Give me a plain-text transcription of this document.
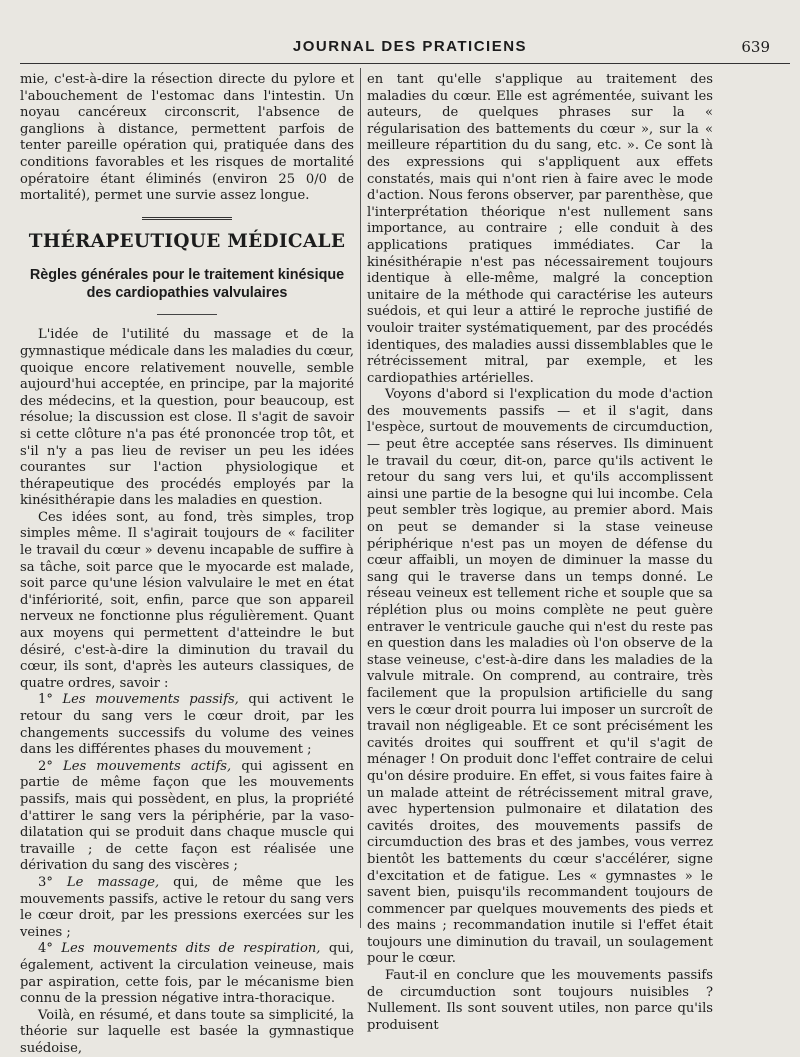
JOURNAL DES PRATICIENS	639

mie, c'est-à-dire la résection directe du pylore et l'abouchement de l'estomac dans l'intestin. Un noyau cancéreux circonscrit, l'absence de ganglions à distance, permettent parfois de tenter pareille opération qui, pratiquée dans des conditions favorables et les risques de mortalité opératoire étant éliminés (environ 25 0/0 de mortalité), permet une survie assez longue.

THÉRAPEUTIQUE MÉDICALE
Règles générales pour le traitement kinésique des cardiopathies valvulaires

L'idée de l'utilité du massage et de la gymnastique médicale dans les maladies du cœur, quoique encore relativement nouvelle, semble aujourd'hui acceptée, en principe, par la majorité des médecins, et la question, pour beaucoup, est résolue; la discussion est close. Il s'agit de savoir si cette clôture n'a pas été prononcée trop tôt, et s'il n'y a pas lieu de reviser un peu les idées courantes sur l'action physiologique et thérapeutique des procédés employés par la kinésithérapie dans les maladies en question.

Ces idées sont, au fond, très simples, trop simples même. Il s'agirait toujours de « faciliter le travail du cœur » devenu incapable de suffire à sa tâche, soit parce que le myocarde est malade, soit parce qu'une lésion valvulaire le met en état d'infériorité, soit, enfin, parce que son appareil nerveux ne fonctionne plus régulièrement. Quant aux moyens qui permettent d'atteindre le but désiré, c'est-à-dire la diminution du travail du cœur, ils sont, d'après les auteurs classiques, de quatre ordres, savoir :

1° Les mouvements passifs, qui activent le retour du sang vers le cœur droit, par les changements successifs du volume des veines dans les différentes phases du mouvement ;

2° Les mouvements actifs, qui agissent en partie de même façon que les mouvements passifs, mais qui possèdent, en plus, la propriété d'attirer le sang vers la périphérie, par la vaso-dilatation qui se produit dans chaque muscle qui travaille ; de cette façon est réalisée une dérivation du sang des viscères ;

3° Le massage, qui, de même que les mouvements passifs, active le retour du sang vers le cœur droit, par les pressions exercées sur les veines ;

4° Les mouvements dits de respiration, qui, également, activent la circulation veineuse, mais par aspiration, cette fois, par le mécanisme bien connu de la pression négative intra-thoracique.

Voilà, en résumé, et dans toute sa simplicité, la théorie sur laquelle est basée la gymnastique suédoise,

en tant qu'elle s'applique au traitement des maladies du cœur. Elle est agrémentée, suivant les auteurs, de quelques phrases sur la « régularisation des battements du cœur », sur la « meilleure répartition du du sang, etc. ». Ce sont là des expressions qui s'appliquent aux effets constatés, mais qui n'ont rien à faire avec le mode d'action. Nous ferons observer, par parenthèse, que l'interprétation théorique n'est nullement sans importance, au contraire ; elle conduit à des applications pratiques immédiates. Car la kinésithérapie n'est pas nécessairement toujours identique à elle-même, malgré la conception unitaire de la méthode qui caractérise les auteurs suédois, et qui leur a attiré le reproche justifié de vouloir traiter systématiquement, par des procédés identiques, des maladies aussi dissemblables que le rétrécissement mitral, par exemple, et les cardiopathies artérielles.

Voyons d'abord si l'explication du mode d'action des mouvements passifs — et il s'agit, dans l'espèce, surtout de mouvements de circumduction, — peut être acceptée sans réserves. Ils diminuent le travail du cœur, dit-on, parce qu'ils activent le retour du sang vers lui, et qu'ils accomplissent ainsi une partie de la besogne qui lui incombe. Cela peut sembler très logique, au premier abord. Mais on peut se demander si la stase veineuse périphérique n'est pas un moyen de défense du cœur affaibli, un moyen de diminuer la masse du sang qui le traverse dans un temps donné. Le réseau veineux est tellement riche et souple que sa réplétion plus ou moins complète ne peut guère entraver le ventricule gauche qui n'est du reste pas en question dans les maladies où l'on observe de la stase veineuse, c'est-à-dire dans les maladies de la valvule mitrale. On comprend, au contraire, très facilement que la propulsion artificielle du sang vers le cœur droit pourra lui imposer un surcroît de travail non négligeable. Et ce sont précisément les cavités droites qui souffrent et qu'il s'agit de ménager ! On produit donc l'effet contraire de celui qu'on désire produire. En effet, si vous faites faire à un malade atteint de rétrécissement mitral grave, avec hypertension pulmonaire et dilatation des cavités droites, des mouvements passifs de circumduction des bras et des jambes, vous verrez bientôt les battements du cœur s'accélérer, signe d'excitation et de fatigue. Les « gymnastes » le savent bien, puisqu'ils recommandent toujours de commencer par quelques mouvements des pieds et des mains ; recommandation inutile si l'effet était toujours une diminution du travail, un soulagement pour le cœur.

Faut-il en conclure que les mouvements passifs de circumduction sont toujours nuisibles ? Nullement. Ils sont souvent utiles, non parce qu'ils produisent
